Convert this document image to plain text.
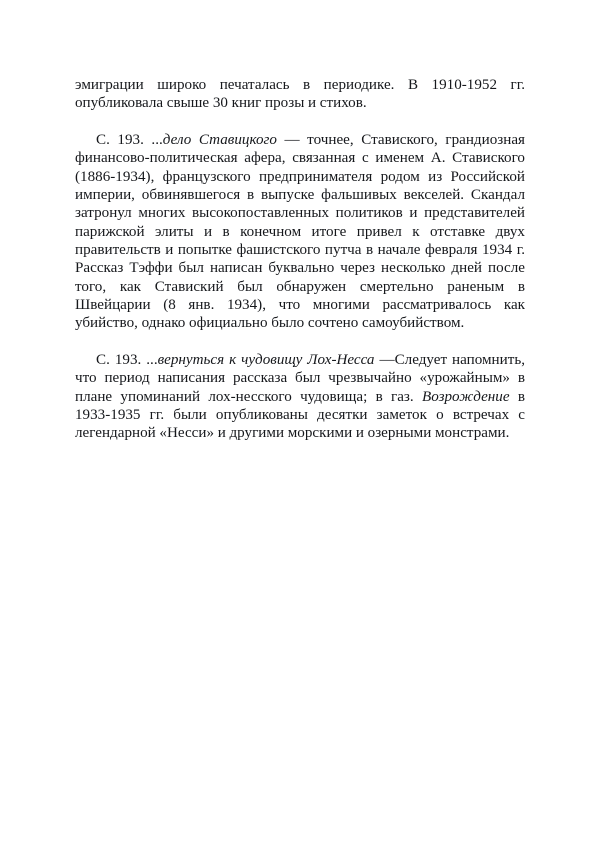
эмиграции широко печаталась в периодике. В 1910-1952 гг. опубликовала свыше 30 книг прозы и стихов.

С. 193. ...дело Ставицкого — точнее, Ставиского, грандиозная финансово-политическая афера, связанная с именем А. Ставиского (1886-1934), французского предпринимателя родом из Российской империи, обвинявшегося в выпуске фальшивых векселей. Скандал затронул многих высокопоставленных политиков и представителей парижской элиты и в конечном итоге привел к отставке двух правительств и попытке фашистского путча в начале февраля 1934 г. Рассказ Тэффи был написан буквально через несколько дней после того, как Ставиский был обнаружен смертельно раненым в Швейцарии (8 янв. 1934), что многими рассматривалось как убийство, однако официально было сочтено самоубийством.

С. 193. ...вернуться к чудовищу Лох-Несса —Следует напомнить, что период написания рассказа был чрезвычайно «урожайным» в плане упоминаний лох-несского чудовища; в газ. Возрождение в 1933-1935 гг. были опубликованы десятки заметок о встречах с легендарной «Несси» и другими морскими и озерными монстрами.
